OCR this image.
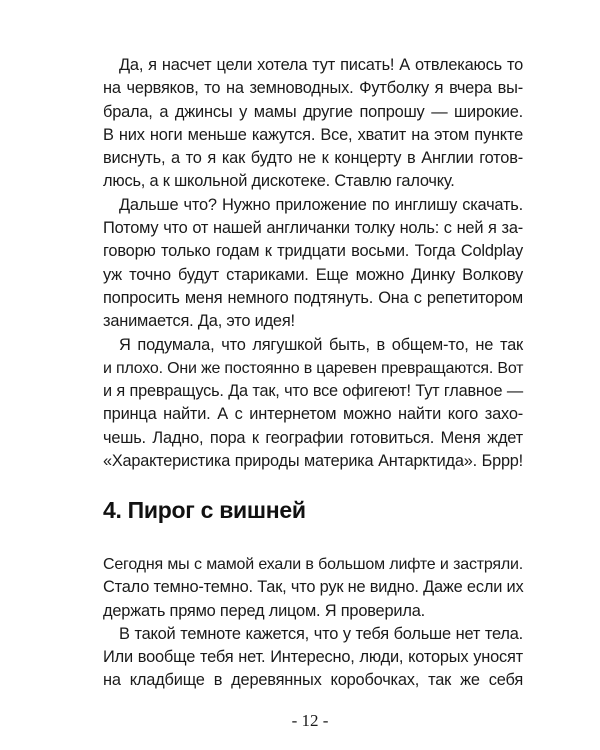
Да, я насчет цели хотела тут писать! А отвлекаюсь то
на червяков, то на земноводных. Футболку я вчера вы-
брала, а джинсы у мамы другие попрошу — широкие.
В них ноги меньше кажутся. Все, хватит на этом пункте
виснуть, а то я как будто не к концерту в Англии готов-
люсь, а к школьной дискотеке. Ставлю галочку.
Дальше что? Нужно приложение по инглишу скачать.
Потому что от нашей англичанки толку ноль: с ней я за-
говорю только годам к тридцати восьми. Тогда Coldplay
уж точно будут стариками. Еще можно Динку Волкову
попросить меня немного подтянуть. Она с репетитором
занимается. Да, это идея!
Я подумала, что лягушкой быть, в общем-то, не так
и плохо. Они же постоянно в царевен превращаются. Вот
и я превращусь. Да так, что все офигеют! Тут главное —
принца найти. А с интернетом можно найти кого захо-
чешь. Ладно, пора к географии готовиться. Меня ждет
«Характеристика природы материка Антарктида». Бррр!
4. Пирог с вишней
Сегодня мы с мамой ехали в большом лифте и застряли.
Стало темно-темно. Так, что рук не видно. Даже если их
держать прямо перед лицом. Я проверила.
В такой темноте кажется, что у тебя больше нет тела.
Или вообще тебя нет. Интересно, люди, которых уносят
на кладбище в деревянных коробочках, так же себя
- 12 -
